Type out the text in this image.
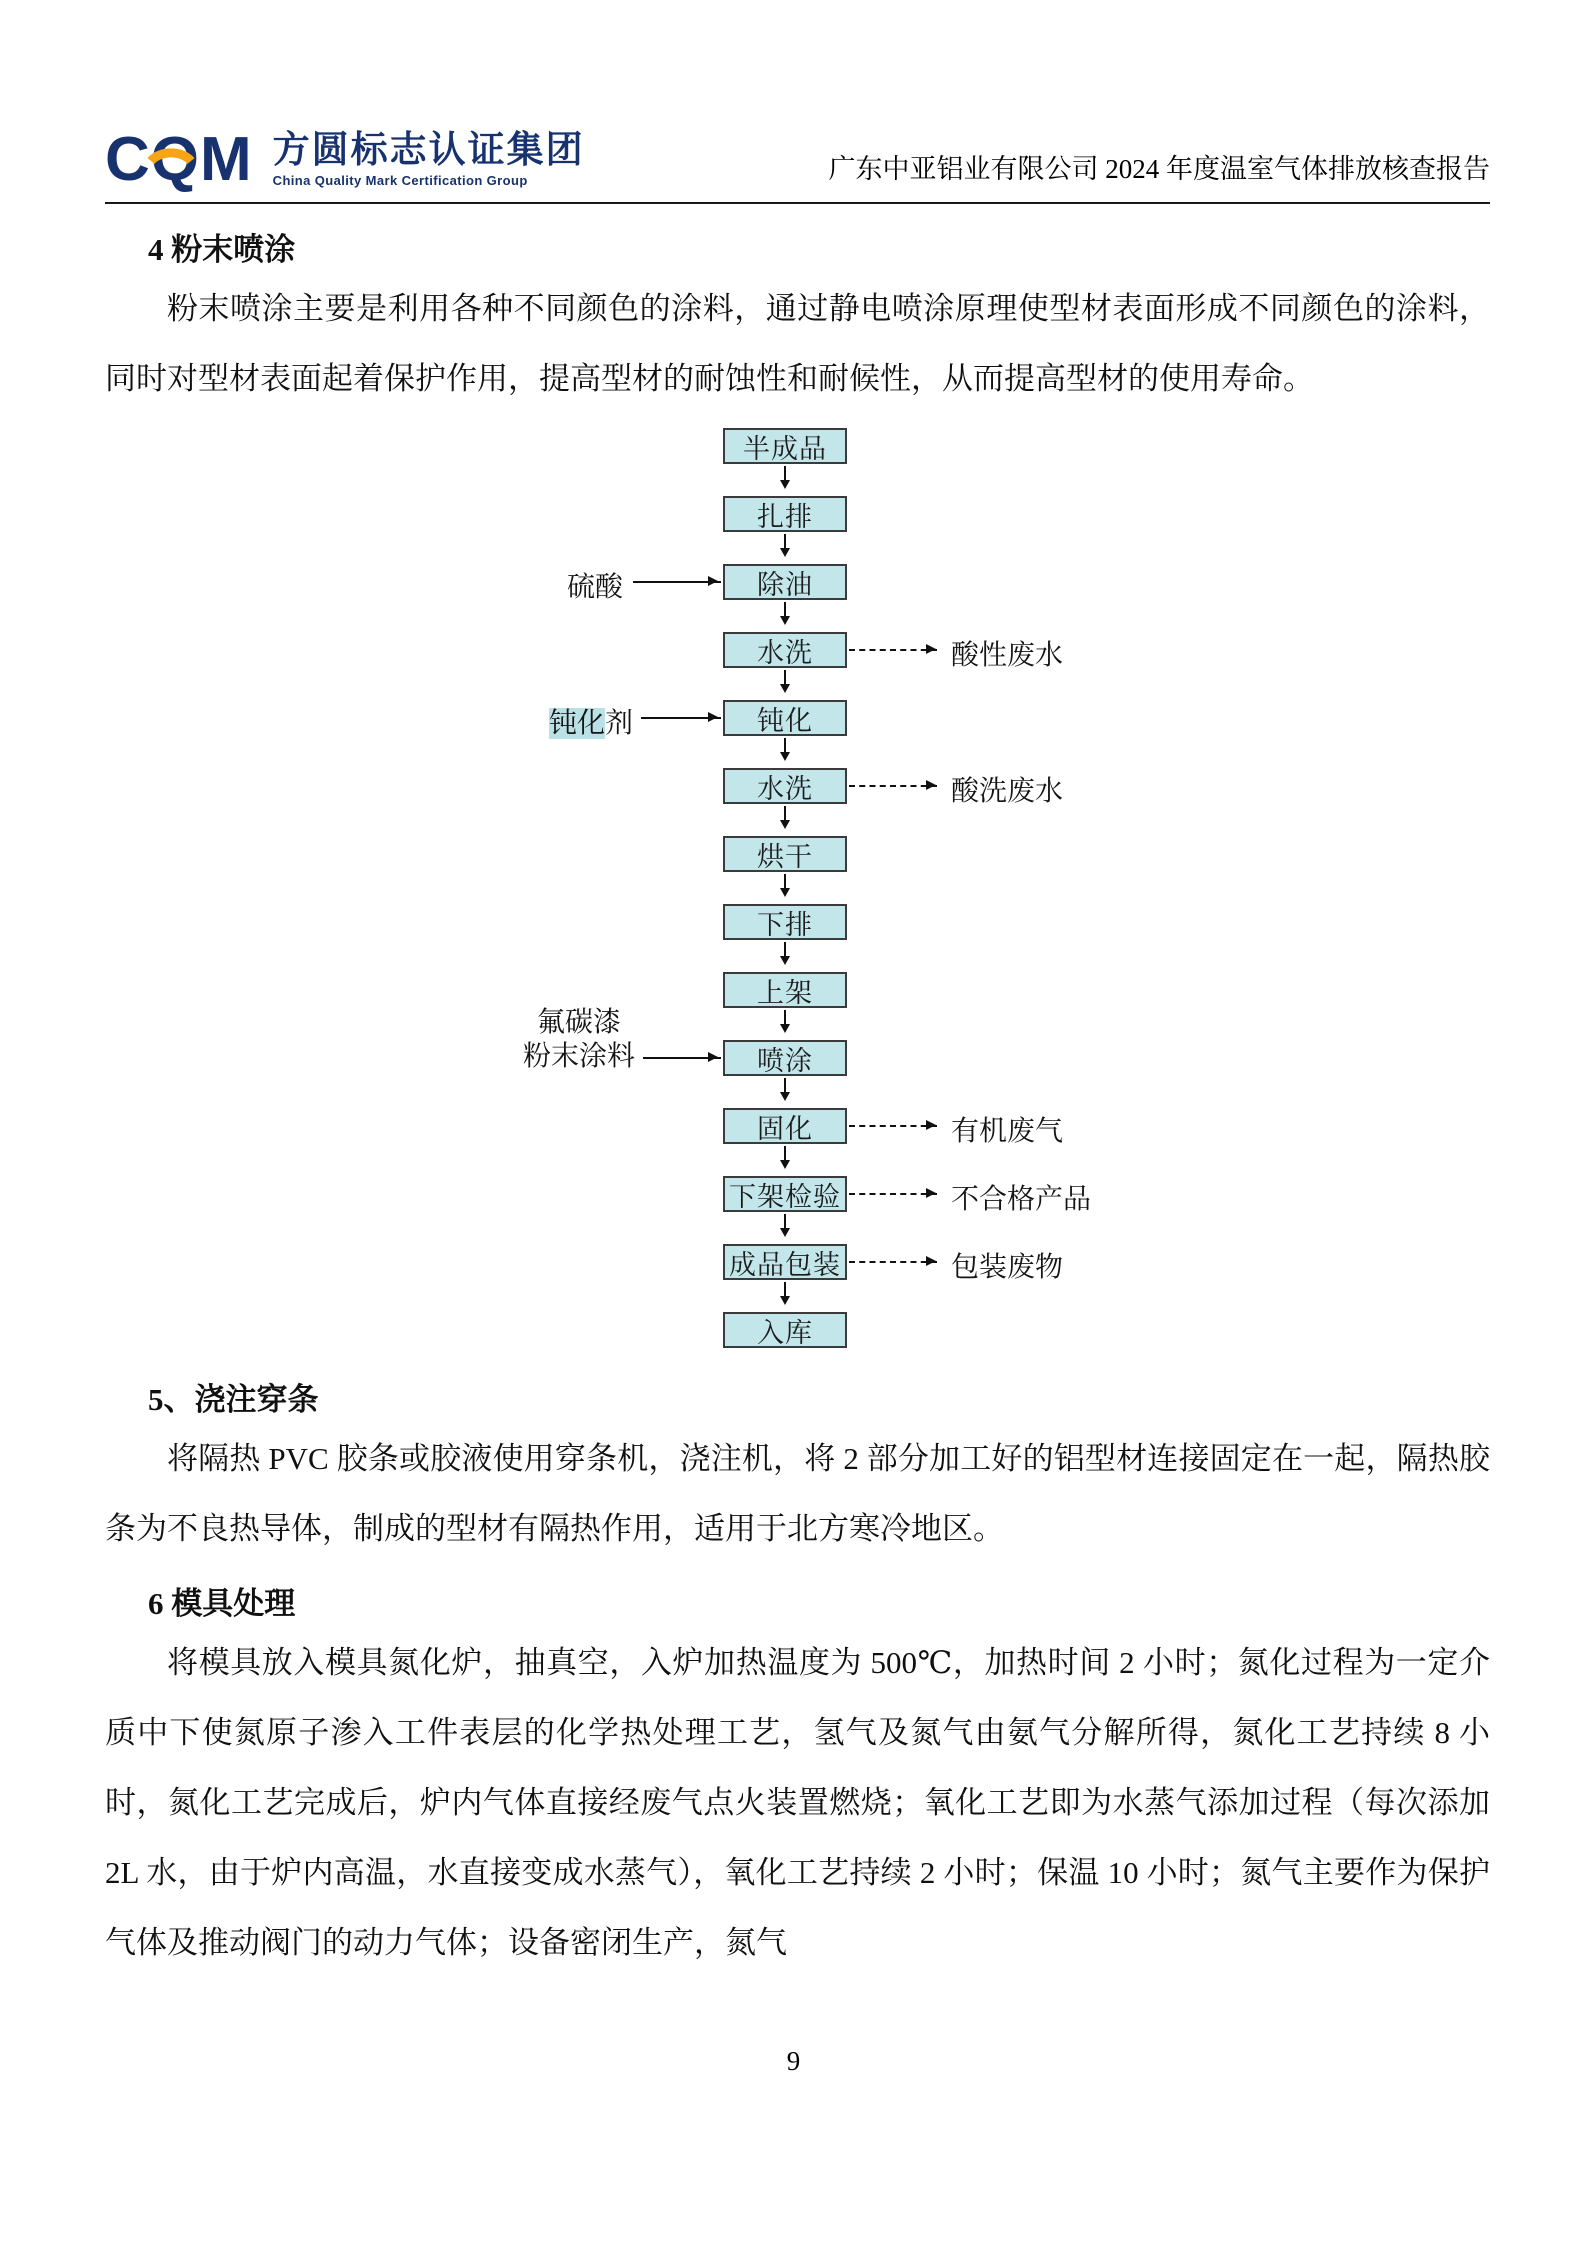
CQM 方圆标志认证集团
China Quality Mark Certification Group	广东中亚铝业有限公司 2024 年度温室气体排放核查报告
4 粉末喷涂

粉末喷涂主要是利用各种不同颜色的涂料，通过静电喷涂原理使型材表面形成不同颜色的涂料，同时对型材表面起着保护作用，提高型材的耐蚀性和耐候性，从而提高型材的使用寿命。

半成品
扎排
除油
水洗
钝化
水洗
烘干
下排
上架
喷涂
固化
下架检验
成品包装
入库
硫酸
钝化剂
氟碳漆
粉末涂料
酸性废水
酸洗废水
有机废气
不合格产品
包装废物
5、浇注穿条

将隔热 PVC 胶条或胶液使用穿条机，浇注机，将 2 部分加工好的铝型材连接固定在一起，隔热胶条为不良热导体，制成的型材有隔热作用，适用于北方寒冷地区。

6 模具处理

将模具放入模具氮化炉，抽真空，入炉加热温度为 500℃，加热时间 2 小时；氮化过程为一定介质中下使氮原子渗入工件表层的化学热处理工艺，氢气及氮气由氨气分解所得，氮化工艺持续 8 小时，氮化工艺完成后，炉内气体直接经废气点火装置燃烧；氧化工艺即为水蒸气添加过程（每次添加 2L 水，由于炉内高温，水直接变成水蒸气），氧化工艺持续 2 小时；保温 10 小时；氮气主要作为保护气体及推动阀门的动力气体；设备密闭生产，氮气

9
